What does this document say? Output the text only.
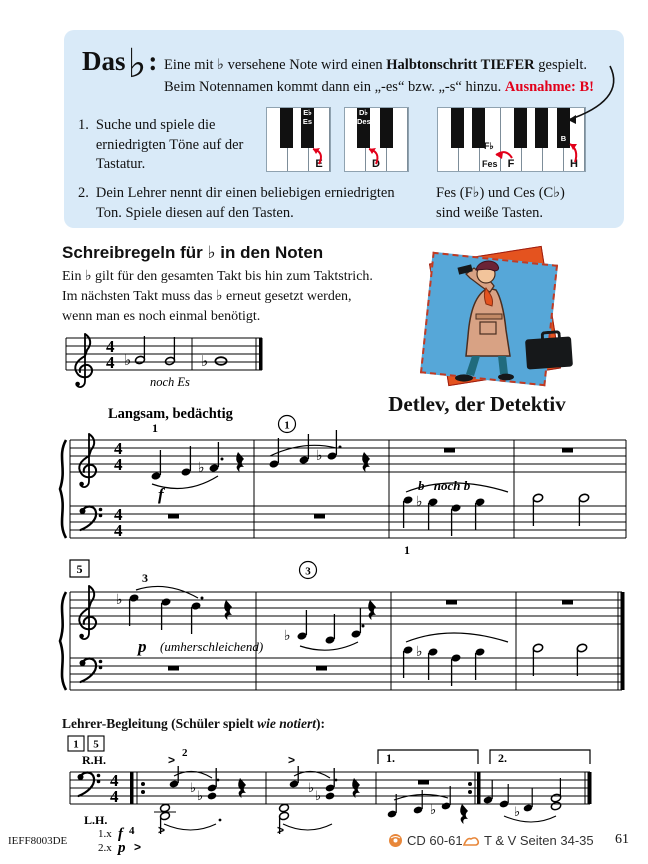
Das ♭ : Eine mit ♭ versehene Note wird einen Halbtonschritt TIEFER gespielt.
Beim Notennamen kommt dann ein „-es“ bzw. „-s“ hinzu. Ausnahme: B!
1. Suche und spiele die erniedrigten Töne auf der Tastatur.
2. Dein Lehrer nennt dir einen beliebigen erniedrigten Ton. Spiele diesen auf den Tasten.
Fes (F♭) und Ces (C♭)
sind weiße Tasten.
E
E♭
Es
D
D♭
Des
F	H
B
F♭
Fes
Schreibregeln für ♭ in den Noten
Ein ♭ gilt für den gesamten Takt bis hin zum Taktstrich.
Im nächsten Takt muss das ♭ erneut gesetzt werden,
wenn man es noch einmal benötigt.
4
4 ♭	♭
noch Es
Detlev, der Detektiv
Langsam, bedächtig
4
4
4
4
1
♭
f
1
♭
b
♭
noch b
1
5
3
♭
p (umherschleichend)
3
♭
♭
Lehrer-Begleitung (Schüler spielt wie notiert):
1 5
R.H.
4
4
1.	2.
> 2
♭
♭
>
>
♭
♭
>
♭	♭
L.H.
1.x f 4
2.x p >
IEFF8003DE	CD 60-61 T & V Seiten 34-35 61
